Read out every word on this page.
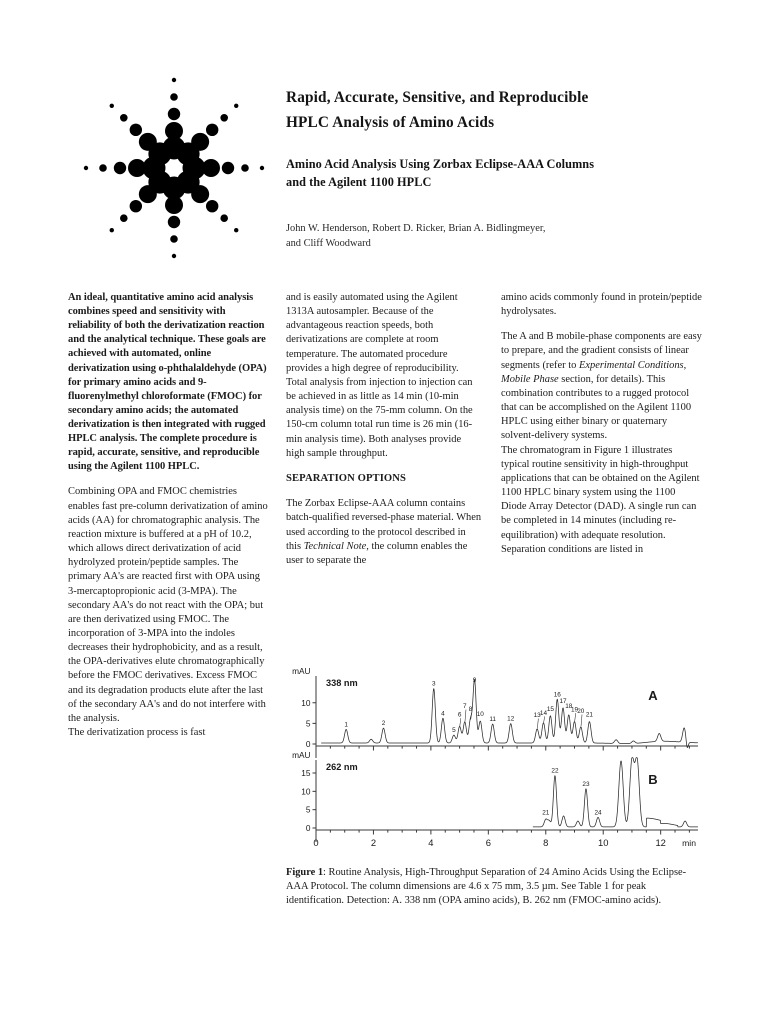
Rapid, Accurate, Sensitive, and Reproducible
HPLC Analysis of Amino Acids
Amino Acid Analysis Using Zorbax Eclipse-AAA Columns
and the Agilent 1100 HPLC
John W. Henderson, Robert D. Ricker, Brian A. Bidlingmeyer,
and Cliff Woodward

An ideal, quantitative amino acid analysis combines speed and sensitivity with reliability of both the derivatization reaction and the analytical technique. These goals are achieved with automated, online derivatization using o-phthalaldehyde (OPA) for primary amino acids and 9-fluorenylmethyl chloroformate (FMOC) for secondary amino acids; the automated derivatization is then integrated with rugged HPLC analysis. The complete procedure is rapid, accurate, sensitive, and reproducible using the Agilent 1100 HPLC.

Combining OPA and FMOC chemistries enables fast pre-column derivatization of amino acids (AA) for chromatographic analysis. The reaction mixture is buffered at a pH of 10.2, which allows direct derivatization of acid hydrolyzed protein/peptide samples. The primary AA's are reacted first with OPA using 3-mercaptopropionic acid (3-MPA). The secondary AA's do not react with the OPA; but are then derivatized using FMOC. The incorporation of 3-MPA into the indoles decreases their hydrophobicity, and as a result, the OPA-derivatives elute chromatographically before the FMOC derivatives. Excess FMOC and its degradation products elute after the last of the secondary AA's and do not interfere with the analysis.

The derivatization process is fast

and is easily automated using the Agilent 1313A autosampler. Because of the advantageous reaction speeds, both derivatizations are complete at room temperature. The automated procedure provides a high degree of reproducibility. Total analysis from injection to injection can be achieved in as little as 14 min (10-min analysis time) on the 75-mm column. On the 150-cm column total run time is 26 min (16-min analysis time). Both analyses provide high sample throughput.

SEPARATION OPTIONS

The Zorbax Eclipse-AAA column contains batch-qualified reversed-phase material. When used according to the protocol described in this Technical Note, the column enables the user to separate the

amino acids commonly found in protein/peptide hydrolysates.

The A and B mobile-phase components are easy to prepare, and the gradient consists of linear segments (refer to Experimental Conditions, Mobile Phase section, for details). This combination contributes to a rugged protocol that can be accomplished on the Agilent 1100 HPLC using either binary or quaternary solvent-delivery systems.

The chromatogram in Figure 1 illustrates typical routine sensitivity in high-throughput applications that can be obtained on the Agilent 1100 HPLC binary system using the 1100 Diode Array Detector (DAD). A single run can be completed in 14 minutes (including re-equilibration) with adequate resolution. Separation conditions are listed in

0
5
10
mAU
338 nm
A
1	2
3
4
5
6
7 8
9
10
11 12
13 14
15
16
17
18
19 20
21
0
5
10
15
mAU
262 nm
B
0	2	4	6	8	10	12 min
21
22
23
24
Figure 1: Routine Analysis, High-Throughput Separation of 24 Amino Acids Using the Eclipse-AAA Protocol. The column dimensions are 4.6 x 75 mm, 3.5 µm. See Table 1 for peak identification. Detection: A. 338 nm (OPA amino acids), B. 262 nm (FMOC-amino acids).
